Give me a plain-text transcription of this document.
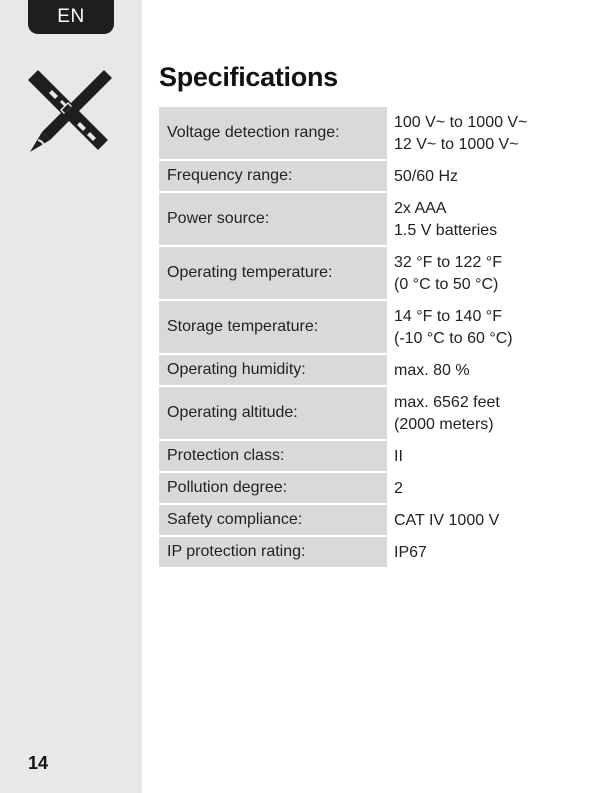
EN
14
Specifications
Voltage detection range:
100 V~ to 1000 V~
12 V~ to 1000 V~
Frequency range:	50/60 Hz
Power source:
2x AAA
1.5 V batteries
Operating temperature:
32 °F to 122 °F
(0 °C to 50 °C)
Storage temperature:
14 °F to 140 °F
(-10 °C to 60 °C)
Operating humidity:	max. 80 %
Operating altitude:
max. 6562 feet
(2000 meters)
Protection class:	II
Pollution degree:	2
Safety compliance:	CAT IV 1000 V
IP protection rating:	IP67
